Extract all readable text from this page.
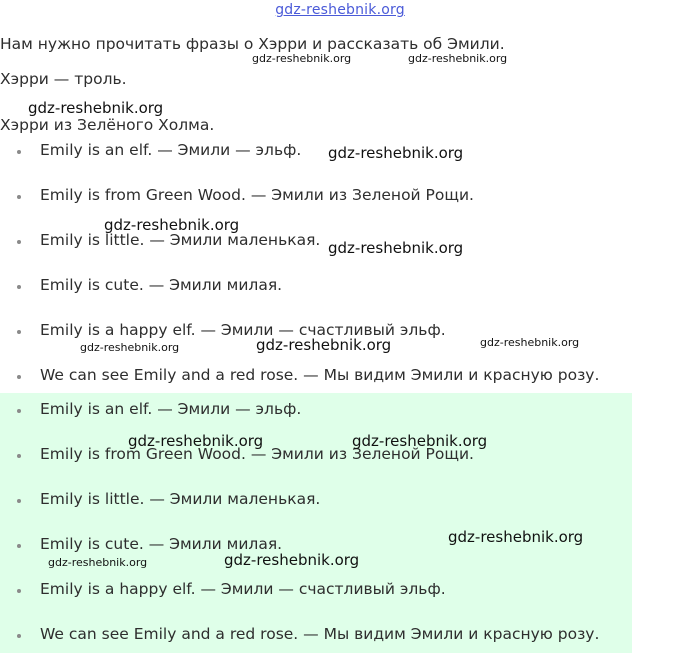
gdz-reshebnik.org
Нам нужно прочитать фразы о Хэрри и рассказать об Эмили.
Хэрри — троль.
Хэрри из Зелёного Холма.
Emily is an elf. — Эмили — эльф.
Emily is from Green Wood. — Эмили из Зеленой Рощи.
Emily is little. — Эмили маленькая.
Emily is cute. — Эмили милая.
Emily is a happy elf. — Эмили — счастливый эльф.
We can see Emily and a red rose. — Мы видим Эмили и красную розу.
Emily is an elf. — Эмили — эльф.
Emily is from Green Wood. — Эмили из Зеленой Рощи.
Emily is little. — Эмили маленькая.
Emily is cute. — Эмили милая.
Emily is a happy elf. — Эмили — счастливый эльф.
We can see Emily and a red rose. — Мы видим Эмили и красную розу.
gdz-reshebnik.org	gdz-reshebnik.org
gdz-reshebnik.org
gdz-reshebnik.org
gdz-reshebnik.org
gdz-reshebnik.org
gdz-reshebnik.org	gdz-reshebnik.org	gdz-reshebnik.org
gdz-reshebnik.org	gdz-reshebnik.org
gdz-reshebnik.org
gdz-reshebnik.org	gdz-reshebnik.org
